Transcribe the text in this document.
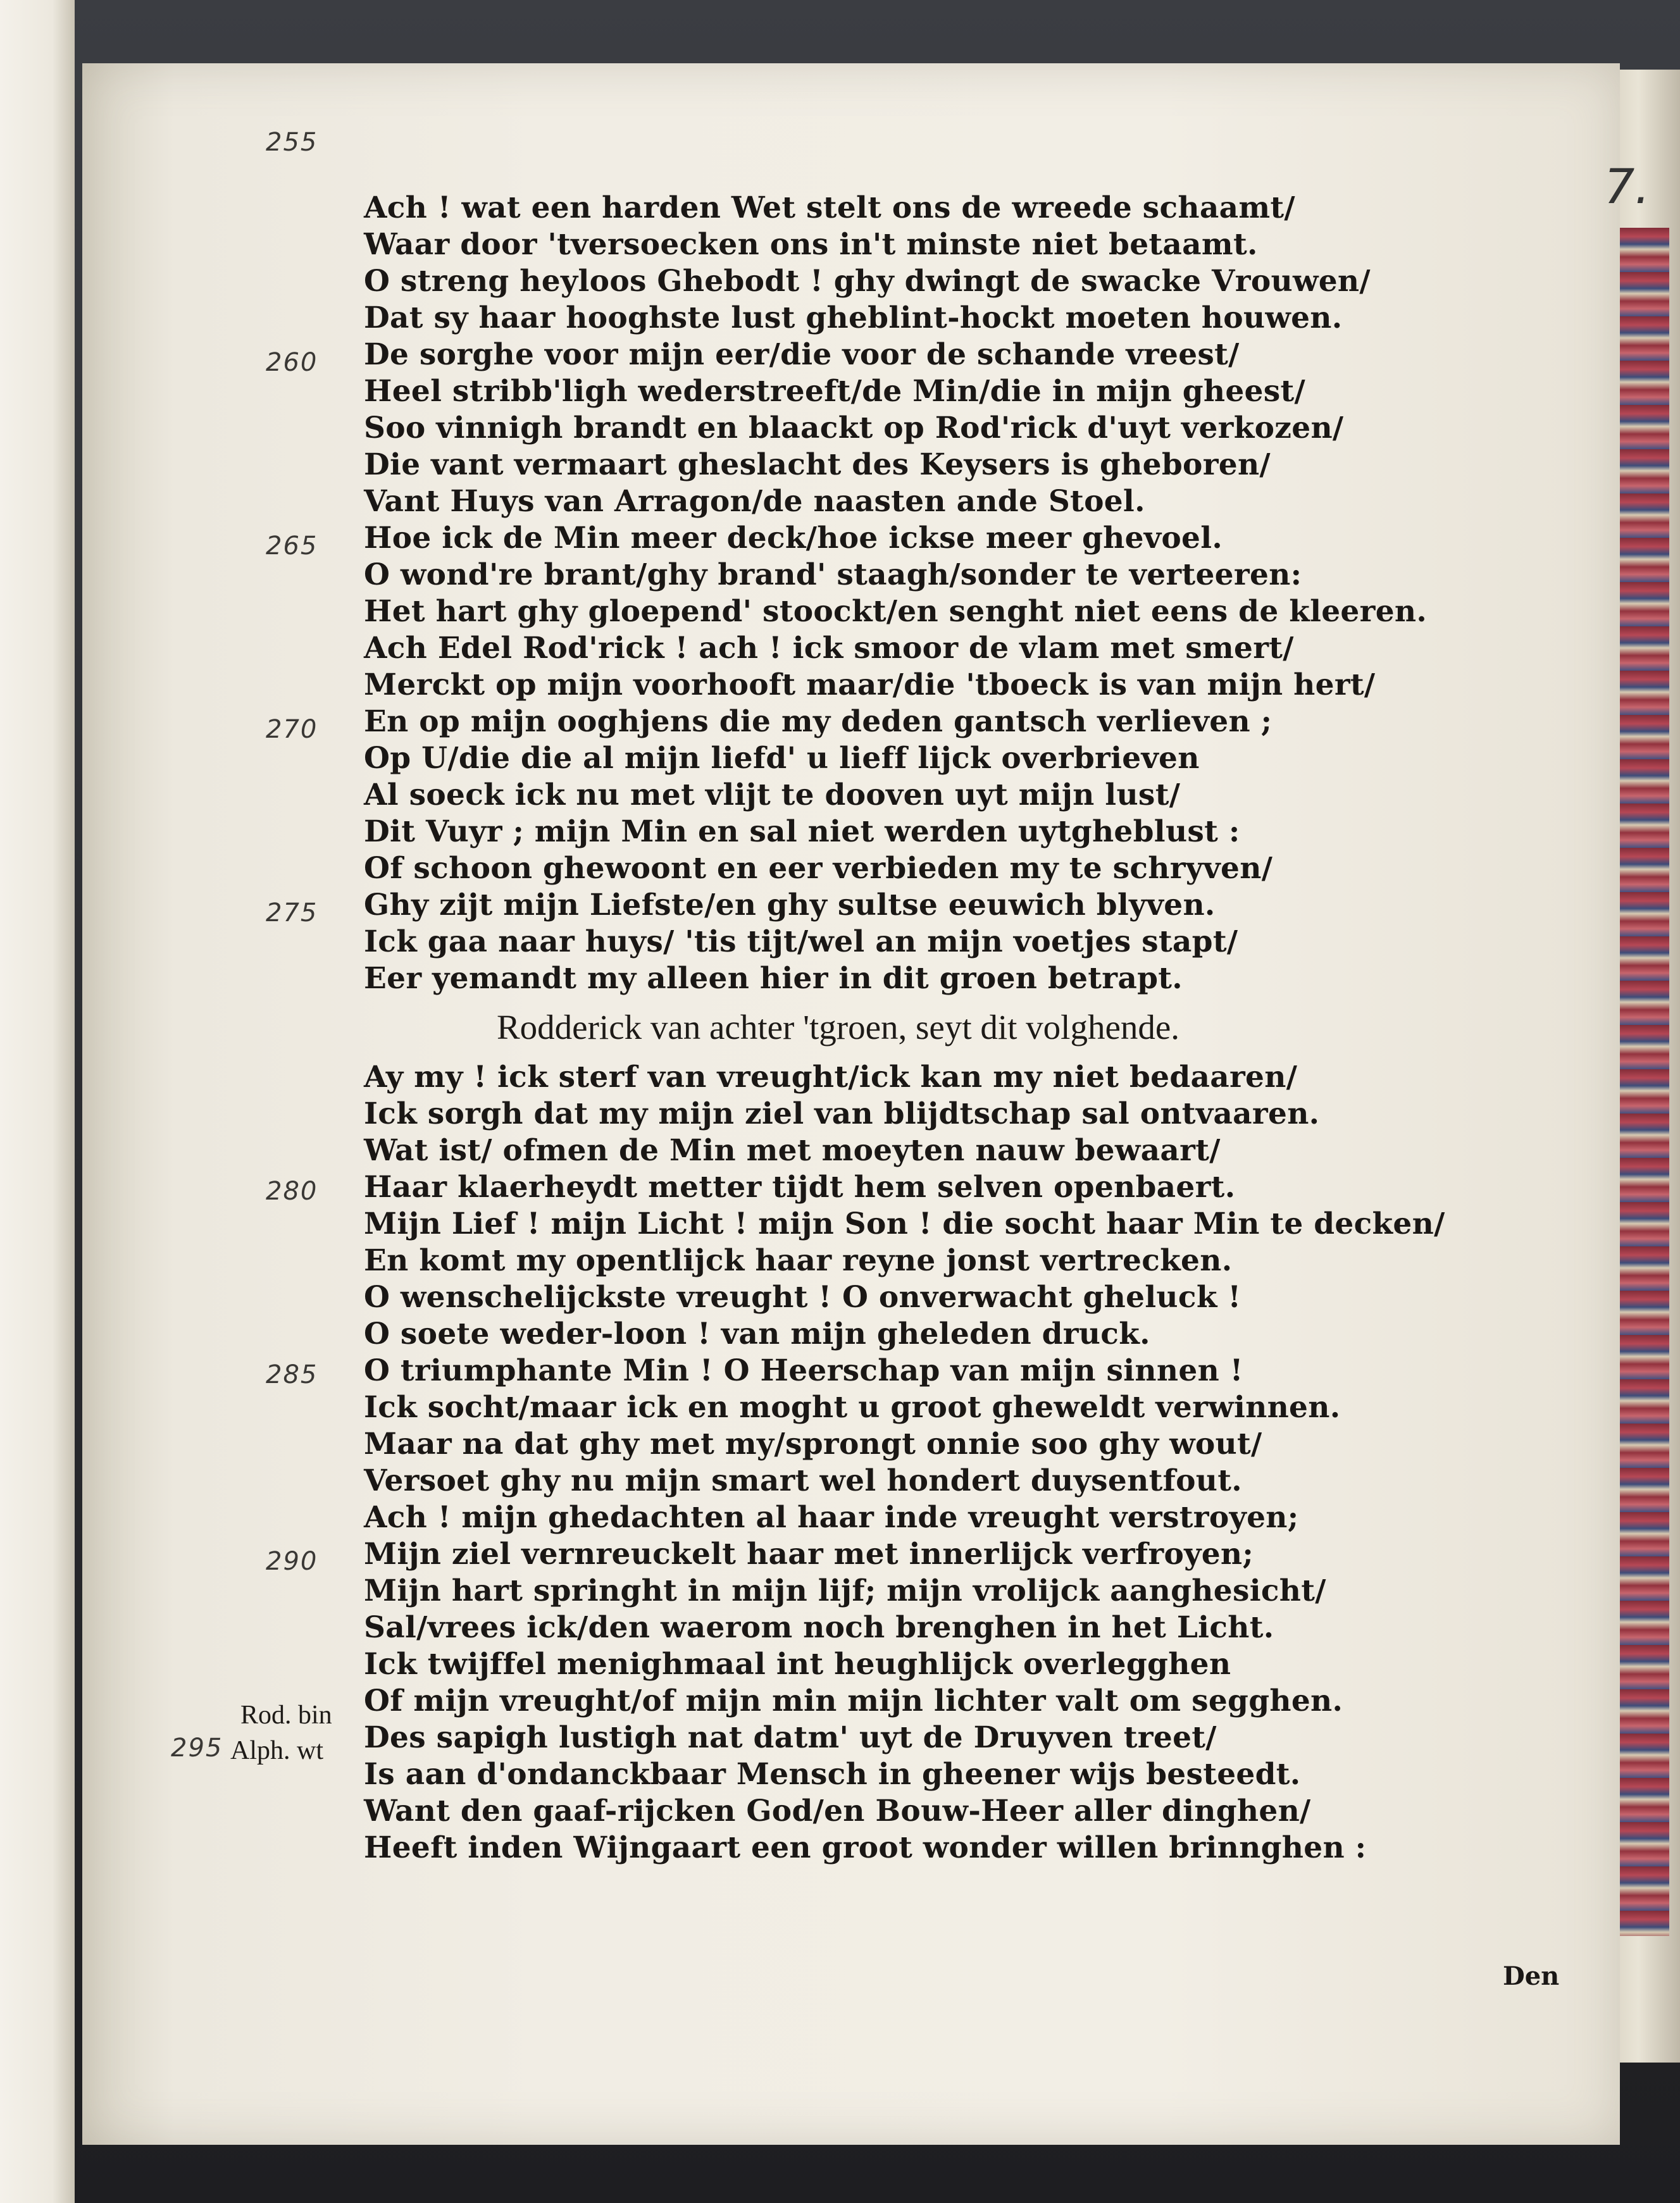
7.
255
260
265
270
275
280
285
290
295
Rod. bin
Alph. wt
Ach ! wat een harden Wet stelt ons de wreede schaamt/
Waar door 'tversoecken ons in't minste niet betaamt.
O streng heyloos Ghebodt ! ghy dwingt de swacke Vrouwen/
Dat sy haar hooghste lust gheblint-hockt moeten houwen.
De sorghe voor mijn eer/die voor de schande vreest/
Heel stribb'ligh wederstreeft/de Min/die in mijn gheest/
Soo vinnigh brandt en blaackt op Rod'rick d'uyt verkozen/
Die vant vermaart gheslacht des Keysers is gheboren/
Vant Huys van Arragon/de naasten ande Stoel.
Hoe ick de Min meer deck/hoe ickse meer ghevoel.
O wond're brant/ghy brand' staagh/sonder te verteeren:
Het hart ghy gloepend' stoockt/en senght niet eens de kleeren.
Ach Edel Rod'rick ! ach ! ick smoor de vlam met smert/
Merckt op mijn voorhooft maar/die 'tboeck is van mijn hert/
En op mijn ooghjens die my deden gantsch verlieven ;
Op U/die die al mijn liefd' u lieff lijck overbrieven
Al soeck ick nu met vlijt te dooven uyt mijn lust/
Dit Vuyr ; mijn Min en sal niet werden uytgheblust :
Of schoon ghewoont en eer verbieden my te schryven/
Ghy zijt mijn Liefste/en ghy sultse eeuwich blyven.
Ick gaa naar huys/ 'tis tijt/wel an mijn voetjes stapt/
Eer yemandt my alleen hier in dit groen betrapt.
Rodderick van achter 'tgroen, seyt dit volghende.
Ay my ! ick sterf van vreught/ick kan my niet bedaaren/
Ick sorgh dat my mijn ziel van blijdtschap sal ontvaaren.
Wat ist/ ofmen de Min met moeyten nauw bewaart/
Haar klaerheydt metter tijdt hem selven openbaert.
Mijn Lief ! mijn Licht ! mijn Son ! die socht haar Min te decken/
En komt my opentlijck haar reyne jonst vertrecken.
O wenschelijckste vreught ! O onverwacht gheluck !
O soete weder-loon ! van mijn gheleden druck.
O triumphante Min ! O Heerschap van mijn sinnen !
Ick socht/maar ick en moght u groot gheweldt verwinnen.
Maar na dat ghy met my/sprongt onnie soo ghy wout/
Versoet ghy nu mijn smart wel hondert duysentfout.
Ach ! mijn ghedachten al haar inde vreught verstroyen;
Mijn ziel vernreuckelt haar met innerlijck verfroyen;
Mijn hart springht in mijn lijf; mijn vrolijck aanghesicht/
Sal/vrees ick/den waerom noch brenghen in het Licht.
Ick twijffel menighmaal int heughlijck overlegghen
Of mijn vreught/of mijn min mijn lichter valt om segghen.
Des sapigh lustigh nat datm' uyt de Druyven treet/
Is aan d'ondanckbaar Mensch in gheener wijs besteedt.
Want den gaaf-rijcken God/en Bouw-Heer aller dinghen/
Heeft inden Wijngaart een groot wonder willen brinnghen :
Den
